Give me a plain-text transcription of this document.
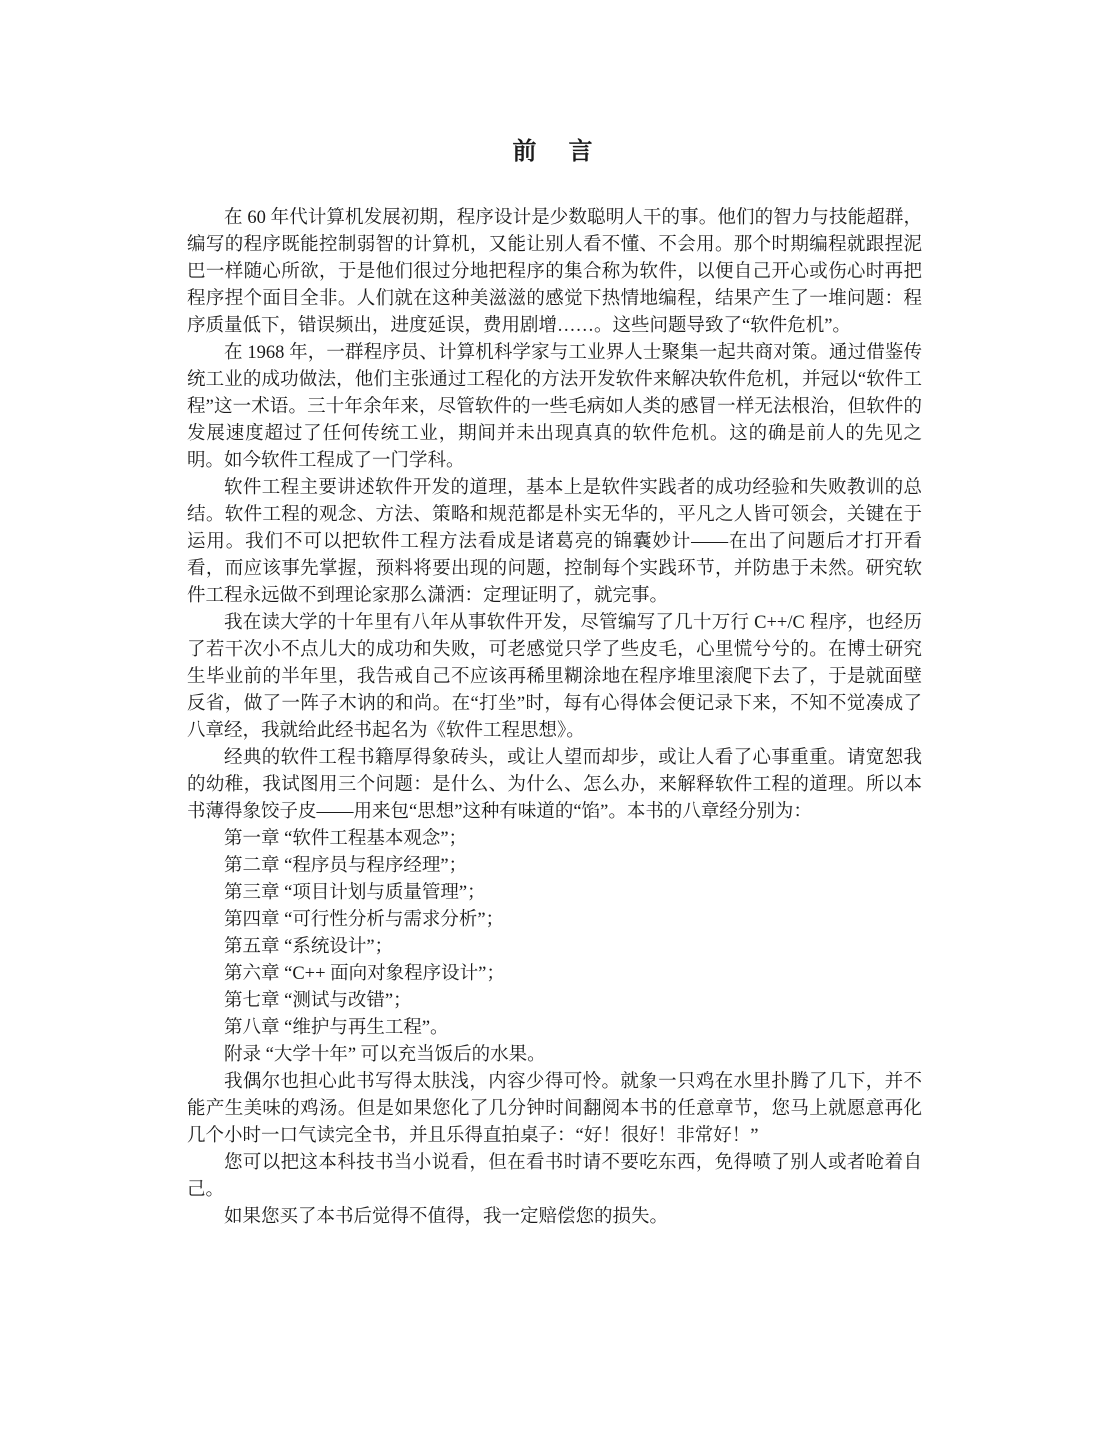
前　言

在 60 年代计算机发展初期，程序设计是少数聪明人干的事。他们的智力与技能超群，编写的程序既能控制弱智的计算机，又能让别人看不懂、不会用。那个时期编程就跟捏泥巴一样随心所欲，于是他们很过分地把程序的集合称为软件，以便自己开心或伤心时再把程序捏个面目全非。人们就在这种美滋滋的感觉下热情地编程，结果产生了一堆问题：程序质量低下，错误频出，进度延误，费用剧增……。这些问题导致了“软件危机”。

在 1968 年，一群程序员、计算机科学家与工业界人士聚集一起共商对策。通过借鉴传统工业的成功做法，他们主张通过工程化的方法开发软件来解决软件危机，并冠以“软件工程”这一术语。三十年余年来，尽管软件的一些毛病如人类的感冒一样无法根治，但软件的发展速度超过了任何传统工业，期间并未出现真真的软件危机。这的确是前人的先见之明。如今软件工程成了一门学科。

软件工程主要讲述软件开发的道理，基本上是软件实践者的成功经验和失败教训的总结。软件工程的观念、方法、策略和规范都是朴实无华的，平凡之人皆可领会，关键在于运用。我们不可以把软件工程方法看成是诸葛亮的锦囊妙计——在出了问题后才打开看看，而应该事先掌握，预料将要出现的问题，控制每个实践环节，并防患于未然。研究软件工程永远做不到理论家那么潇洒：定理证明了，就完事。

我在读大学的十年里有八年从事软件开发，尽管编写了几十万行 C++/C 程序，也经历了若干次小不点儿大的成功和失败，可老感觉只学了些皮毛，心里慌兮兮的。在博士研究生毕业前的半年里，我告戒自己不应该再稀里糊涂地在程序堆里滚爬下去了，于是就面壁反省，做了一阵子木讷的和尚。在“打坐”时，每有心得体会便记录下来，不知不觉凑成了八章经，我就给此经书起名为《软件工程思想》。

经典的软件工程书籍厚得象砖头，或让人望而却步，或让人看了心事重重。请宽恕我的幼稚，我试图用三个问题：是什么、为什么、怎么办，来解释软件工程的道理。所以本书薄得象饺子皮——用来包“思想”这种有味道的“馅”。本书的八章经分别为：

第一章 “软件工程基本观念”；

第二章 “程序员与程序经理”；

第三章 “项目计划与质量管理”；

第四章 “可行性分析与需求分析”；

第五章 “系统设计”；

第六章 “C++ 面向对象程序设计”；

第七章 “测试与改错”；

第八章 “维护与再生工程”。

附录 “大学十年” 可以充当饭后的水果。

我偶尔也担心此书写得太肤浅，内容少得可怜。就象一只鸡在水里扑腾了几下，并不能产生美味的鸡汤。但是如果您化了几分钟时间翻阅本书的任意章节，您马上就愿意再化几个小时一口气读完全书，并且乐得直拍桌子：“好！很好！非常好！”

您可以把这本科技书当小说看，但在看书时请不要吃东西，免得喷了别人或者呛着自己。

如果您买了本书后觉得不值得，我一定赔偿您的损失。
